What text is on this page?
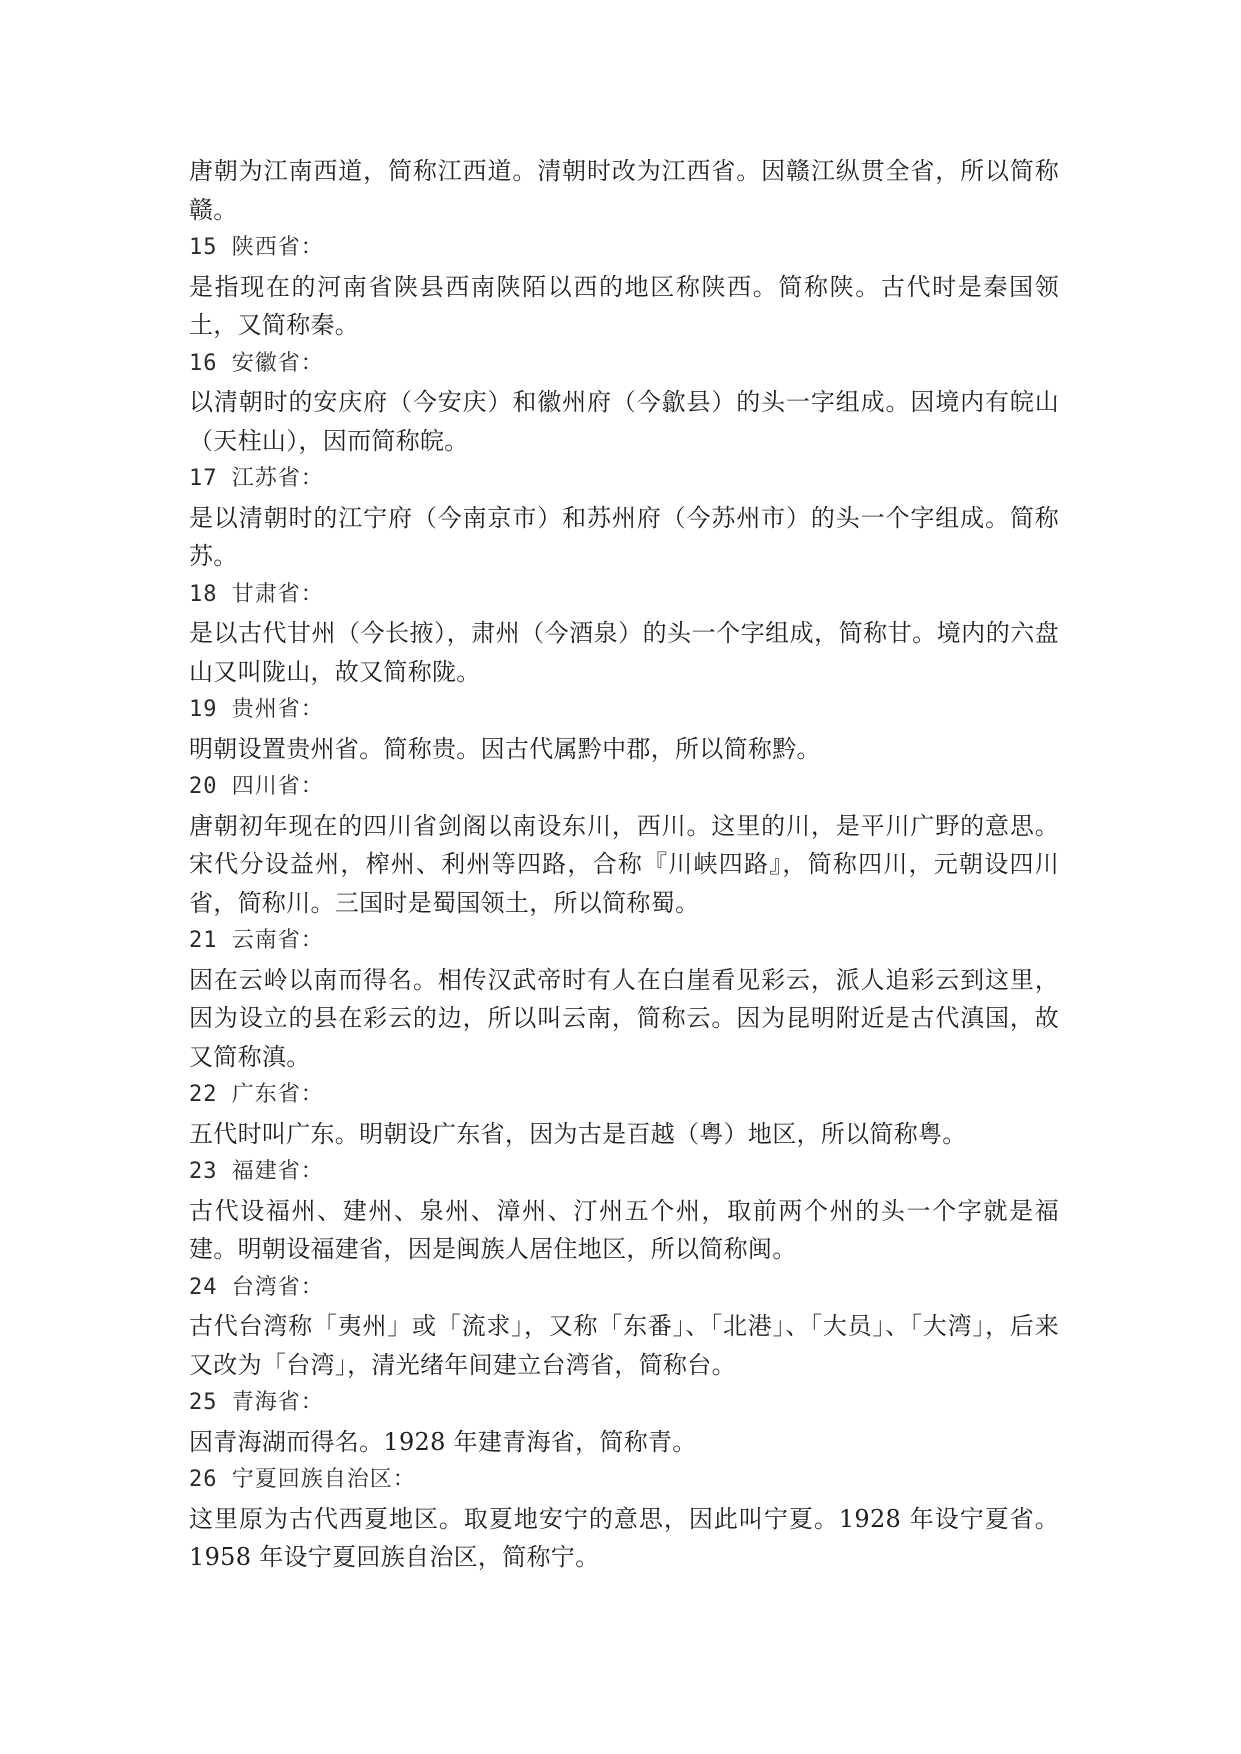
唐朝为江南西道，简称江西道。清朝时改为江西省。因赣江纵贯全省，所以简称赣。

15 陕西省：

是指现在的河南省陕县西南陕陌以西的地区称陕西。简称陕。古代时是秦国领土，又简称秦。

16 安徽省：

以清朝时的安庆府（今安庆）和徽州府（今歙县）的头一字组成。因境内有皖山（天柱山），因而简称皖。

17 江苏省：

是以清朝时的江宁府（今南京市）和苏州府（今苏州市）的头一个字组成。简称苏。

18 甘肃省：

是以古代甘州（今长掖），肃州（今酒泉）的头一个字组成，简称甘。境内的六盘山又叫陇山，故又简称陇。

19 贵州省：

明朝设置贵州省。简称贵。因古代属黔中郡，所以简称黔。

20 四川省：

唐朝初年现在的四川省剑阁以南设东川，西川。这里的川，是平川广野的意思。宋代分设益州，榨州、利州等四路，合称『川峡四路』，简称四川，元朝设四川省，简称川。三国时是蜀国领土，所以简称蜀。

21 云南省：

因在云岭以南而得名。相传汉武帝时有人在白崖看见彩云，派人追彩云到这里，因为设立的县在彩云的边，所以叫云南，简称云。因为昆明附近是古代滇国，故又简称滇。

22 广东省：

五代时叫广东。明朝设广东省，因为古是百越（粤）地区，所以简称粤。

23 福建省：

古代设福州、建州、泉州、漳州、汀州五个州，取前两个州的头一个字就是福建。明朝设福建省，因是闽族人居住地区，所以简称闽。

24 台湾省：

古代台湾称「夷州」或「流求」，又称「东番」、「北港」、「大员」、「大湾」，后来又改为「台湾」，清光绪年间建立台湾省，简称台。

25 青海省：

因青海湖而得名。1928 年建青海省，简称青。

26 宁夏回族自治区：

这里原为古代西夏地区。取夏地安宁的意思，因此叫宁夏。1928 年设宁夏省。1958 年设宁夏回族自治区，简称宁。
